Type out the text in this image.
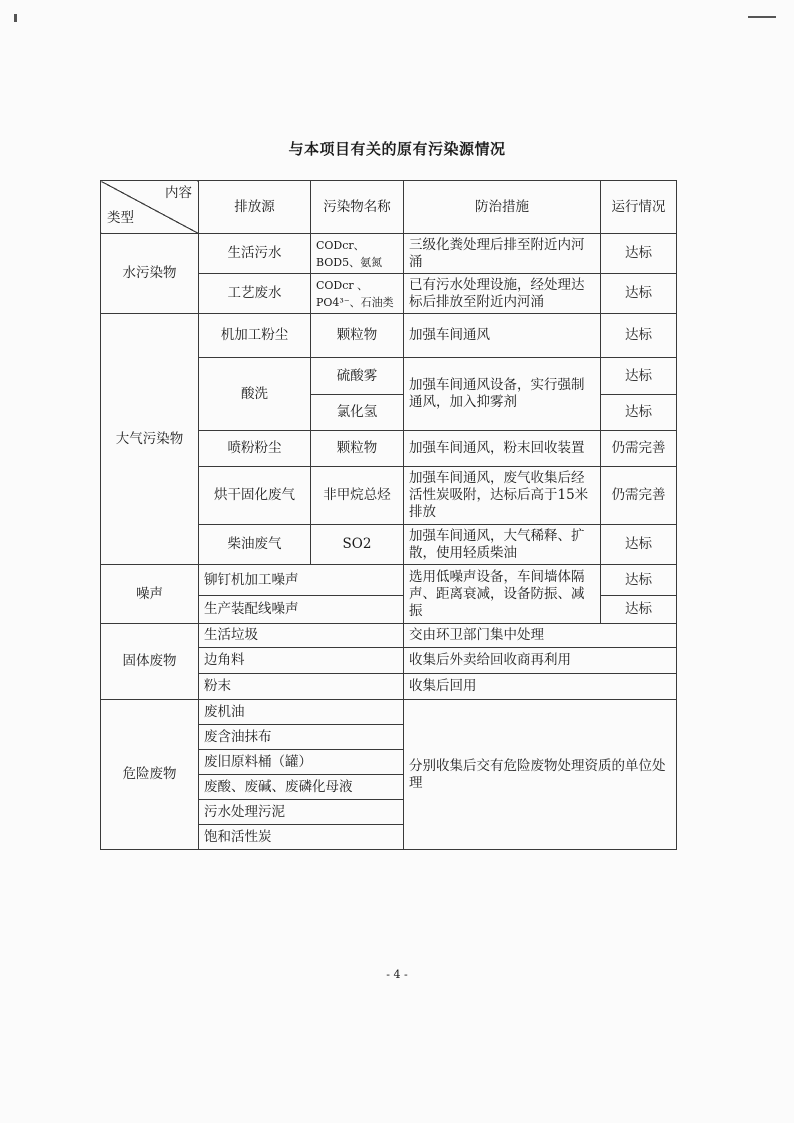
与本项目有关的原有污染源情况
内容
类型	排放源	污染物名称	防治措施	运行情况
水污染物	生活污水	CODcr、BOD5、氨氮	三级化粪处理后排至附近内河涌	达标
	工艺废水	CODcr 、PO4³⁻、石油类	已有污水处理设施，经处理达标后排放至附近内河涌	达标
大气污染物	机加工粉尘	颗粒物	加强车间通风	达标
	酸洗	硫酸雾	加强车间通风设备，实行强制通风，加入抑雾剂	达标
		氯化氢		达标
	喷粉粉尘	颗粒物	加强车间通风，粉末回收装置	仍需完善
	烘干固化废气	非甲烷总烃	加强车间通风，废气收集后经活性炭吸附，达标后高于15米排放	仍需完善
	柴油废气	SO2	加强车间通风，大气稀释、扩散，使用轻质柴油	达标

噪声	铆钉机加工噪声		选用低噪声设备，车间墙体隔声、距离衰减，设备防振、减振	达标
	生产装配线噪声			达标
固体废物	生活垃圾		交由环卫部门集中处理	
	边角料		收集后外卖给回收商再利用	
	粉末		收集后回用	
危险废物	废机油		分别收集后交有危险废物处理资质的单位处理	
	废含油抹布			
	废旧原料桶（罐）			
	废酸、废碱、废磷化母液			
	污水处理污泥			
	饱和活性炭			
- 4 -
